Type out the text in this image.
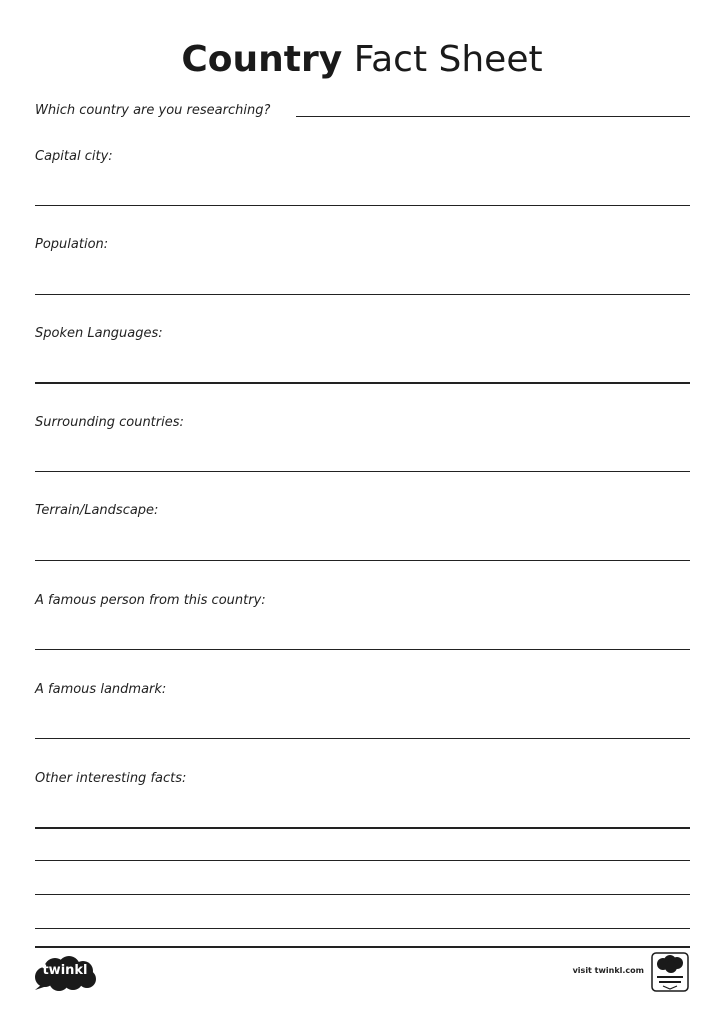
Country Fact Sheet
Which country are you researching?
Capital city:
Population:
Spoken Languages:
Surrounding countries:
Terrain/Landscape:
A famous person from this country:
A famous landmark:
Other interesting facts:
twinkl	visit twinkl.com
